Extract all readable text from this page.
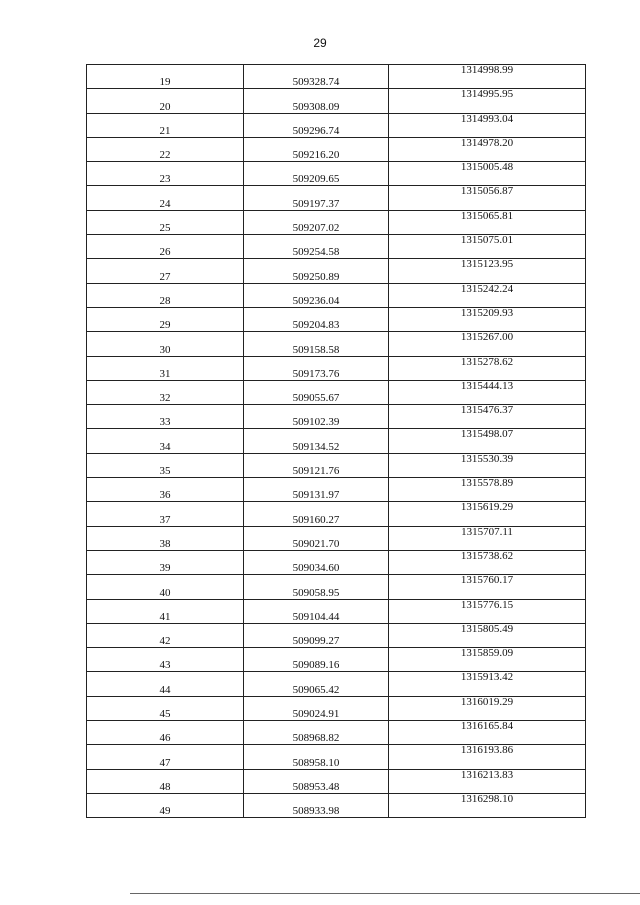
29
19	509328.74	1314998.99
20	509308.09	1314995.95
21	509296.74	1314993.04
22	509216.20	1314978.20
23	509209.65	1315005.48
24	509197.37	1315056.87
25	509207.02	1315065.81
26	509254.58	1315075.01
27	509250.89	1315123.95
28	509236.04	1315242.24
29	509204.83	1315209.93
30	509158.58	1315267.00
31	509173.76	1315278.62
32	509055.67	1315444.13
33	509102.39	1315476.37
34	509134.52	1315498.07
35	509121.76	1315530.39
36	509131.97	1315578.89
37	509160.27	1315619.29
38	509021.70	1315707.11
39	509034.60	1315738.62
40	509058.95	1315760.17
41	509104.44	1315776.15
42	509099.27	1315805.49
43	509089.16	1315859.09
44	509065.42	1315913.42
45	509024.91	1316019.29
46	508968.82	1316165.84
47	508958.10	1316193.86
48	508953.48	1316213.83
49	508933.98	1316298.10
